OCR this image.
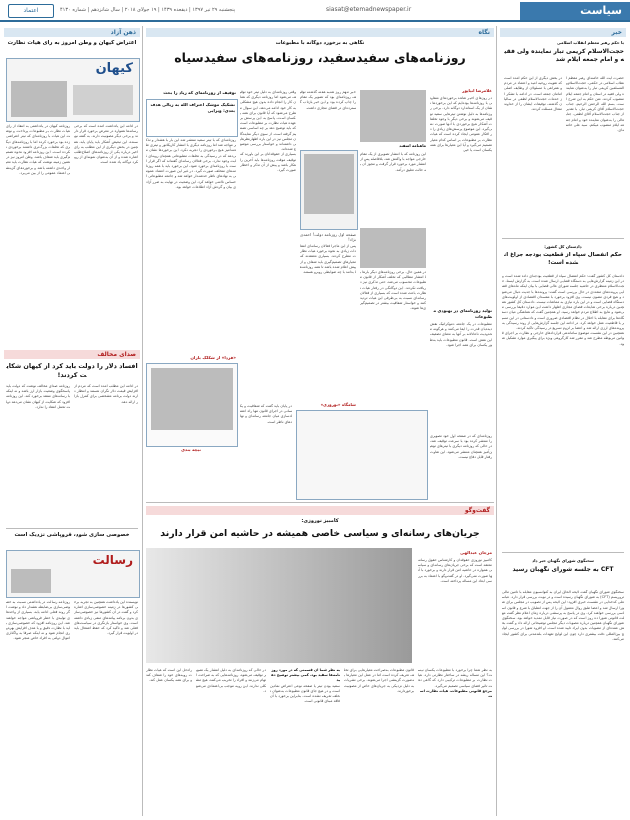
سیاست
siasat@etemadnewspaper.ir
پنجشنبه ۲۹ تیر ۱۳۹۷ | ذیقعده ۱۴۳۹ | ۱۹ جولای ۲۰۱۸ | سال شانزدهم | شماره ۴۱۳۰
اعتماد
خبر
با حکم رهبر معظم انقلاب اسلامی
حجت‌الاسلام کریمی تبار نماینده ولی فقیه و امام جمعه ایلام شد

حضرت آیت الله خامنه‌ای رهبر معظم انقلاب اسلامی در حکمی، حجت‌الاسلام‌والمسلمین کریمی تبار را به‌عنوان نماینده ولی فقیه در استان و امام جمعه ایلام منصوب کردند. متن حکم به این شرح است. بسم الله الرحمن الرحیم، جناب حجت‌الاسلام آقای کریمی تبار، با تقدیر از جناب حجت‌الاسلام آقای لطفی، جنابعالی را به‌عنوان نماینده خود و امام جمعه ایلام منصوب میکنم. سید علی خامنه‌ای.

در بخش دیگری از این حکم آمده است که تقویت روحیه امید و اعتماد در مردم و همراهی با مسئولان از وظایف اصلی امامان جمعه است. در ادامه با تشکر از خدمات حجت‌الاسلام لطفی در سالیان گذشته، توفیقات ایشان را از خداوند متعال مسئلت کردند.

دادستان کل کشور:
حکم انفصال سپاه از قطعیت بودجه جراغ آنشده است!

دادستان کل کشور گفت: حکم انفصال سپاه از قطعیت بودجه‌ای داده شده است و در این زمینه گزارش‌هایی به دستگاه قضایی ارسال شده است. به گزارش ایسنا، حجت‌الاسلام منتظری در حاشیه جلسه شورای عالی قضایی با بیان اینکه ماه‌های قضایی پرونده‌های متعددی در حال بررسی است گفت: پرونده‌ها با جدیت دنبال می‌شود و هیچ فردی مصون نیست. وی افزود برخورد با مفسدان اقتصادی از اولویت‌های دستگاه قضایی است و در این باره نیازی به مماشات نیست. دادستان کل کشور همچنین درباره برخی شایعات فضای مجازی اظهار داشت این موارد دقیقا بررسی می‌شود و نتایج به اطلاع مردم خواهد رسید. او همچنین گفت که هماهنگی میان دستگاه‌ها برای مقابله با اخلال در نظام اقتصادی ضروری است و دادستانی در این مسیر با قاطعیت عمل خواهد کرد. در ادامه این جلسه گزارش‌هایی از روند رسیدگی به پرونده‌های ارزی ارائه شد و اعضا بر لزوم تسریع در رسیدگی تاکید کردند.

همچنین در این نشست موضوع ساماندهی قراردادهای خارجی و نظارت بر اجرای قوانین مربوطه مطرح شد و مقرر شد کارگروهی ویژه برای پیگیری موارد تشکیل شود.

سخنگوی شورای نگهبان خبر داد
CFT به جلسه شورای نگهبان رسید

سخنگوی شورای نگهبان گفت لایحه الحاق ایران به کنوانسیون مقابله با تامین مالی تروریسم (CFT) به شورای نگهبان رسیده است و در نوبت بررسی قرار دارد. عباسعلی کدخدایی در نشست خبری افزود: این لایحه پس از تصویب در مجلس برای شورا ارسال شد و اعضا طبق روال معمول آن را از جهت انطباق با شرع و قانون اساسی بررسی خواهند کرد. وی در پاسخ به پرسشی درباره زمان اعلام نظر گفت مهلت قانونی شورا ده روز است که در صورت نیاز قابل تمدید خواهد بود. سخنگوی شورای نگهبان همچنین درباره مصوبات دیگر مجلس توضیحاتی ارائه داد و گفت بخش عمده‌ای از مصوبات بدون ایراد تایید شده است. او افزود شورا در بررسی لوایح بین‌المللی دقت بیشتری دارد چون این لوایح تعهدات بلندمدتی برای کشور ایجاد می‌کنند.

نگاه
نگاهی به برخورد دوگانه با مطبوعات
روزنامه‌های سفید‌سفید، روزنامه‌های سفید‌سیاه
غلامرضا انیاپور

در روزهای اخیر شاهد برخوردهای متفاوتی با روزنامه‌ها بوده‌ایم که این برخوردها نشان از یک استاندارد دوگانه دارد. برخی روزنامه‌ها به دلیل نوشتن تیترهایی سفید توقیف می‌شوند و برخی دیگر با وجود تخلفات آشکار هیچ برخوردی با آنها صورت نمی‌گیرد. این موضوع پرسش‌های زیادی را در افکار عمومی ایجاد کرده است که هیات نظارت بر مطبوعات بر اساس کدام معیار تصمیم می‌گیرد و آیا این معیارها برای همه یکسان است یا خیر.

تولید روزنامه‌ای در بهبودی مطبوعات

مطبوعات در یک جامعه دموکراتیک نقش دیده‌بان قدرت را ایفا می‌کنند و هرگونه محدودیت ناعادلانه بر آنها به معنای تضعیف این نقش است. قانون مطبوعات باید به‌طور یکسان برای همه اجرا شود.

روزنامه‌ای که در صفحه اول خود تصویری را منتشر کرده بود با سرعت توقیف شد، در حالی که روزنامه دیگری با تیترهای توهین‌آمیز همچنان منتشر می‌شود. این تفاوت رفتار قابل دفاع نیست.

ماهنامه اسفند

این روزنامه که با انتشار تصویری از یک مقام خارجی مواجه با واکنش شد، بلافاصله پس از انتشار مورد برخورد قرار گرفت و مجوز آن به حالت تعلیق درآمد.

در همین حال، برخی روزنامه‌های دیگر بارها با انتشار مطالبی که تخلف آشکار از قانون مطبوعات محسوب می‌شد، حتی تذکری نیز دریافت نکردند. این دوگانگی در رفتار هیات نظارت باعث شده است که بسیاری از فعالان رسانه‌ای نسبت به بی‌طرفی این هیات تردید کنند و خواستار شفافیت بیشتر در تصمیم‌گیری‌ها شوند.

خبر مهم روز شنبه هفته گذشته توقیف روزنامه‌ای بود که تصویر یک مقام را چاپ کرده بود و این خبر بازتاب گسترده‌ای در فضای مجازی داشت.

صفحه اول روزنامه دولت! احمدی نژاد!

پس از این ماجرا فعالان رسانه‌ای انتقادات زیادی به نحوه برخورد هیات نظارت مطرح کردند. بسیاری معتقدند که معیارهای تصمیم‌گیری باید شفاف و از پیش اعلام شده باشد تا همه روزنامه‌ها بدانند با چه ضوابطی روبرو هستند.

شامگاه «نوروزی»

وقتی روزنامه‌ای به دلیل تیتر خود توقیف می‌شود اما روزنامه دیگری که همان کار را انجام داده بدون هیچ مشکلی به کار خود ادامه می‌دهد، این سوال مطرح می‌شود که آیا قانون برای همه یکسان است. پاسخ به این پرسش بر عهده هیات نظارت بر مطبوعات است که باید توضیح دهد بر چه اساسی تصمیم گرفته است. از سوی دیگر نمایندگان مجلس نیز در این باره اظهارنظرهایی داشته‌اند و خواستار بررسی موضوع شده‌اند.

بسیاری از حقوقدانان بر این باورند که توقیف موقت روزنامه‌ها باید آخرین راهکار باشد و پیش از آن تذکر و اخطار صورت گیرد.

توقیف از روزنامه‌ای که زیاد را بحث
تشکیک موشک اعتراف الله به ریالی هدف بعدی: ویرایی

روزنامه‌ای که با تیتر سفید منتشر شد این بار با هشدار و تذکر مواجه شد اما روزنامه دیگری با انتشار کاریکاتور و تیتری طعنه‌آمیز هیچ برخوردی را تجربه نکرد. این برخوردها نشان می‌دهد که در رسیدگی به تخلفات مطبوعاتی همچنان رویه‌ای ثابت وجود ندارد. برخی فعالان رسانه‌ای گفته‌اند که اگر قرار است با روزنامه‌ای برخورد شود، این برخورد باید با همه روزنامه‌های متخلف صورت گیرد. در غیر این صورت اعتماد عمومی به نهادهای ناظر خدشه‌دار خواهد شد و جامعه مطبوعاتی احساس ناامنی خواهد کرد. این وضعیت در نهایت به ضرر آزادی بیان و گردش آزاد اطلاعات خواهد بود.

«فردا» از شکلک بازان
نیچه بندی

در پایان باید گفت که شفافیت و یکسانی در اجرای قانون تنها راه اعتمادسازی میان جامعه رسانه‌ای و نهادهای ناظر است.

گفت‌وگو
کامبیز نوروزی:
جریان‌های رسانه‌ای و سیاسی خاصی همیشه در حاشیه امن قرار دارند
مرجان عبدالهی

کامبیز نوروزی حقوقدان و کارشناس حقوق رسانه معتقد است که برخی جریان‌های رسانه‌ای و سیاسی همواره در حاشیه امن قرار دارند و برخورد با آنها صورت نمی‌گیرد. او در گفت‌وگو با اعتماد به بررسی ابعاد این مساله پرداخته است.

به نظر شما چرا برخورد با مطبوعات یکسان نیست؟ این مساله ریشه در ساختار نظارتی دارد. هیات نظارت بر مطبوعات ترکیبی دارد که گاهی تحت تاثیر فضای سیاسی تصمیم می‌گیرد.

مرجع قانونی مطبوعات، هیات نظارت است

قانون مطبوعات به‌صراحت معیارهایی برای تخلف تعریف کرده است اما در عمل این معیارها به‌صورت گزینشی اجرا می‌شوند. برخی نشریات به دلیل نزدیکی به جریان‌های خاص از مصونیت برخوردارند.

به نظر شما آن قسمتی که در مورد روزنامه‌ها سفید بود، کمی بیشتر توضیح دهید

سفید بودن تیتر یا صفحه نوعی اعتراض نمادین است و در هیچ جای قانون مطبوعات به‌عنوان تخلف تعریف نشده است. بنابراین برخورد با آن فاقد مبنای قانونی است.

در حالی که روزنامه‌ای به دلیل انتشار یک تصویر توقیف می‌شود، روزنامه‌هایی که به صراحت اتهام می‌زنند و افراد را تخریب می‌کنند، هیچ مشکلی ندارند. این رویه موجب بی‌اعتمادی می‌شود.

راه‌حل این است که هیات نظارت رویه‌های خود را شفاف کند و برای همه یکسان عمل کند.

ذهن آزاد
اعتراض کیهان و وطن امروز به رای هیات نظارت
کیهان

روزنامه کیهان در یادداشتی به انتقاد از رای هیات نظارت بر مطبوعات پرداخت و نوشت این هیات با روزنامه‌ای که تیتر اعتراضی زده بود برخورد کرده اما با روزنامه‌های دیگری که تخلفات بزرگ‌تری داشتند برخوردی نکرده است. این روزنامه افزود نحوه تصمیم‌گیری باید شفاف باشد. وطن امروز نیز در همین زمینه نوشت که هیات نظارت باید معیار واحدی داشته باشد و برخوردهای گزینشی اعتماد عمومی را از بین می‌برد.

در ادامه این یادداشت آمده است که برخی رسانه‌ها همواره در معرض برخورد قرار دارند و برخی دیگر مصونیت دارند. به گفته نویسنده، این تبعیض آشکار باید پایان یابد. همچنین در بخش دیگری از این مطلب به رای اخیر درباره یکی از روزنامه‌های اصلاح‌طلب اشاره شده و از آن به‌عنوان نمونه‌ای از رویکرد دوگانه یاد شده است.

صدای مخالف
افساد دلار را دولت باید کرد از کیهان شکایت کردند!

روزنامه صدای مخالف نوشت که دولت باید پاسخگوی وضعیت بازار ارز باشد و نه اینکه با رسانه‌های منتقد برخورد کند. این روزنامه افزود که شکایت از کیهان نشان می‌دهد دولت تحمل انتقاد را ندارد.

در ادامه این مطلب آمده است که مردم از افزایش قیمت دلار نگران هستند و انتظار دارند دولت برنامه مشخصی برای کنترل بازار ارائه دهد.

خصوصی سازی شود، فروپاشی نزدیک است
رسالت

روزنامه رسالت در یادداشتی نسبت به خصوصی‌سازی بی‌ضابطه هشدار داد و نوشت اگر روند فعلی ادامه یابد، بسیاری از واحدهای تولیدی با خطر فروپاشی مواجه خواهند شد. این روزنامه افزود که خصوصی‌سازی باید با نظارت دقیق و با هدف افزایش بهره‌وری انجام شود و نه اینکه صرفا به واگذاری اموال دولتی به افراد خاص منجر شود.

نویسنده این یادداشت همچنین به تجربه برخی کشورها در زمینه خصوصی‌سازی اشاره کرد و گفت در آن کشورها نیز خصوصی‌سازی بدون برنامه پیامدهای منفی زیادی داشته است. وی خواستار بازنگری در سیاست‌های فعلی شد و تاکید کرد که حفظ اشتغال باید در اولویت قرار گیرد.
